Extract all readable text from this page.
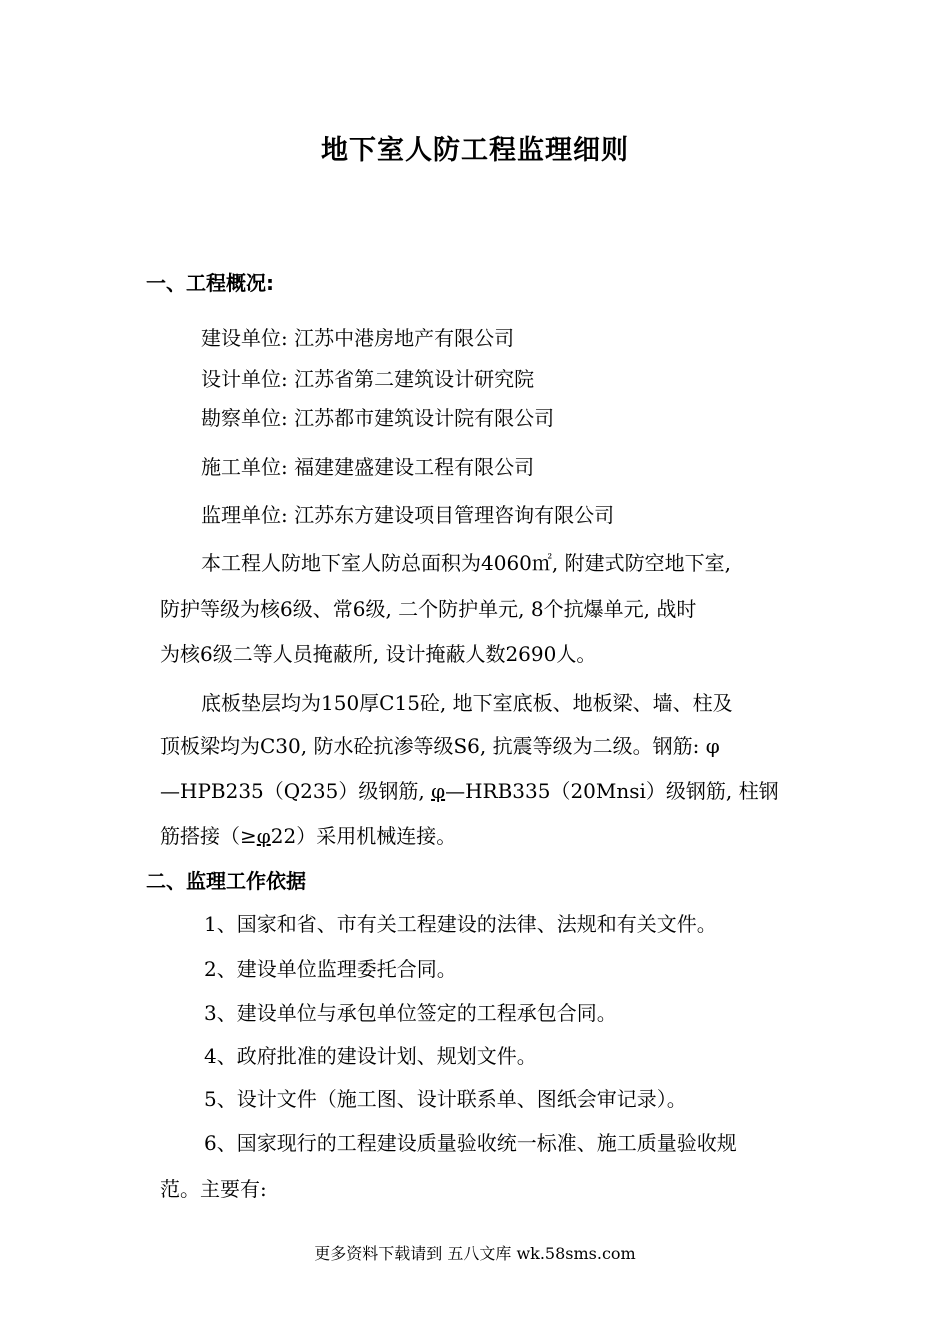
地下室人防工程监理细则
一、工程概况:
建设单位: 江苏中港房地产有限公司
设计单位: 江苏省第二建筑设计研究院
勘察单位: 江苏都市建筑设计院有限公司
施工单位: 福建建盛建设工程有限公司
监理单位: 江苏东方建设项目管理咨询有限公司
本工程人防地下室人防总面积为4060㎡, 附建式防空地下室,
防护等级为核6级、常6级, 二个防护单元, 8个抗爆单元, 战时
为核6级二等人员掩蔽所, 设计掩蔽人数2690人。
底板垫层均为150厚C15砼, 地下室底板、地板梁、墙、柱及
顶板梁均为C30, 防水砼抗渗等级S6, 抗震等级为二级。钢筋: φ
—HPB235（Q235）级钢筋, φ—HRB335（20Mnsi）级钢筋, 柱钢
筋搭接（≥φ22）采用机械连接。
二、监理工作依据
1、国家和省、市有关工程建设的法律、法规和有关文件。
2、建设单位监理委托合同。
3、建设单位与承包单位签定的工程承包合同。
4、政府批准的建设计划、规划文件。
5、设计文件（施工图、设计联系单、图纸会审记录）。
6、国家现行的工程建设质量验收统一标准、施工质量验收规
范。主要有:
更多资料下载请到 五八文库 wk.58sms.com
